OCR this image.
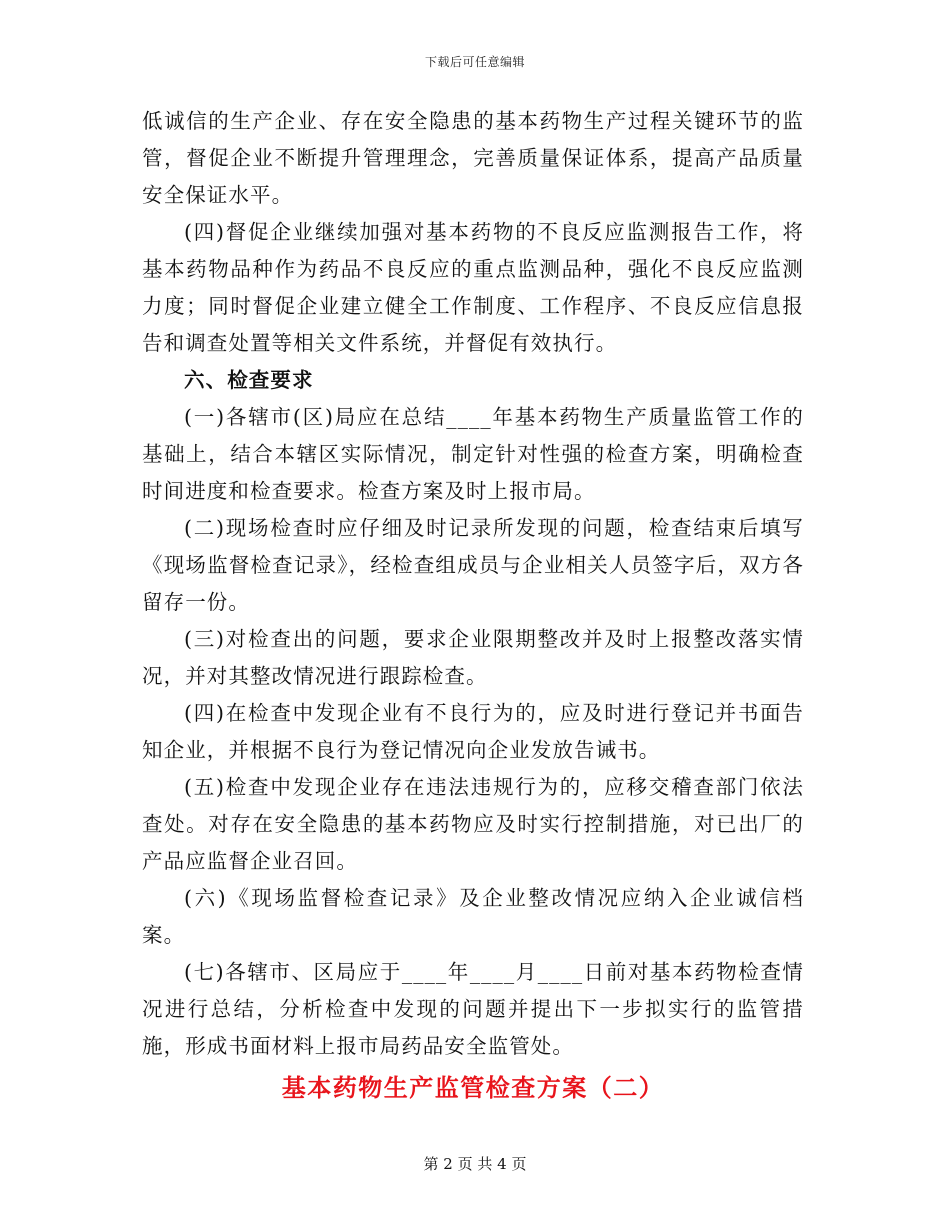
下载后可任意编辑

低诚信的生产企业、存在安全隐患的基本药物生产过程关键环节的监管，督促企业不断提升管理理念，完善质量保证体系，提高产品质量安全保证水平。

(四)督促企业继续加强对基本药物的不良反应监测报告工作，将基本药物品种作为药品不良反应的重点监测品种，强化不良反应监测力度；同时督促企业建立健全工作制度、工作程序、不良反应信息报告和调查处置等相关文件系统，并督促有效执行。

六、检查要求

(一)各辖市(区)局应在总结____年基本药物生产质量监管工作的基础上，结合本辖区实际情况，制定针对性强的检查方案，明确检查时间进度和检查要求。检查方案及时上报市局。

(二)现场检查时应仔细及时记录所发现的问题，检查结束后填写《现场监督检查记录》，经检查组成员与企业相关人员签字后，双方各留存一份。

(三)对检查出的问题，要求企业限期整改并及时上报整改落实情况，并对其整改情况进行跟踪检查。

(四)在检查中发现企业有不良行为的，应及时进行登记并书面告知企业，并根据不良行为登记情况向企业发放告诫书。

(五)检查中发现企业存在违法违规行为的，应移交稽查部门依法查处。对存在安全隐患的基本药物应及时实行控制措施，对已出厂的产品应监督企业召回。

(六)《现场监督检查记录》及企业整改情况应纳入企业诚信档案。

(七)各辖市、区局应于____年____月____日前对基本药物检查情况进行总结，分析检查中发现的问题并提出下一步拟实行的监管措施，形成书面材料上报市局药品安全监管处。

基本药物生产监管检查方案（二）

第 2 页 共 4 页
